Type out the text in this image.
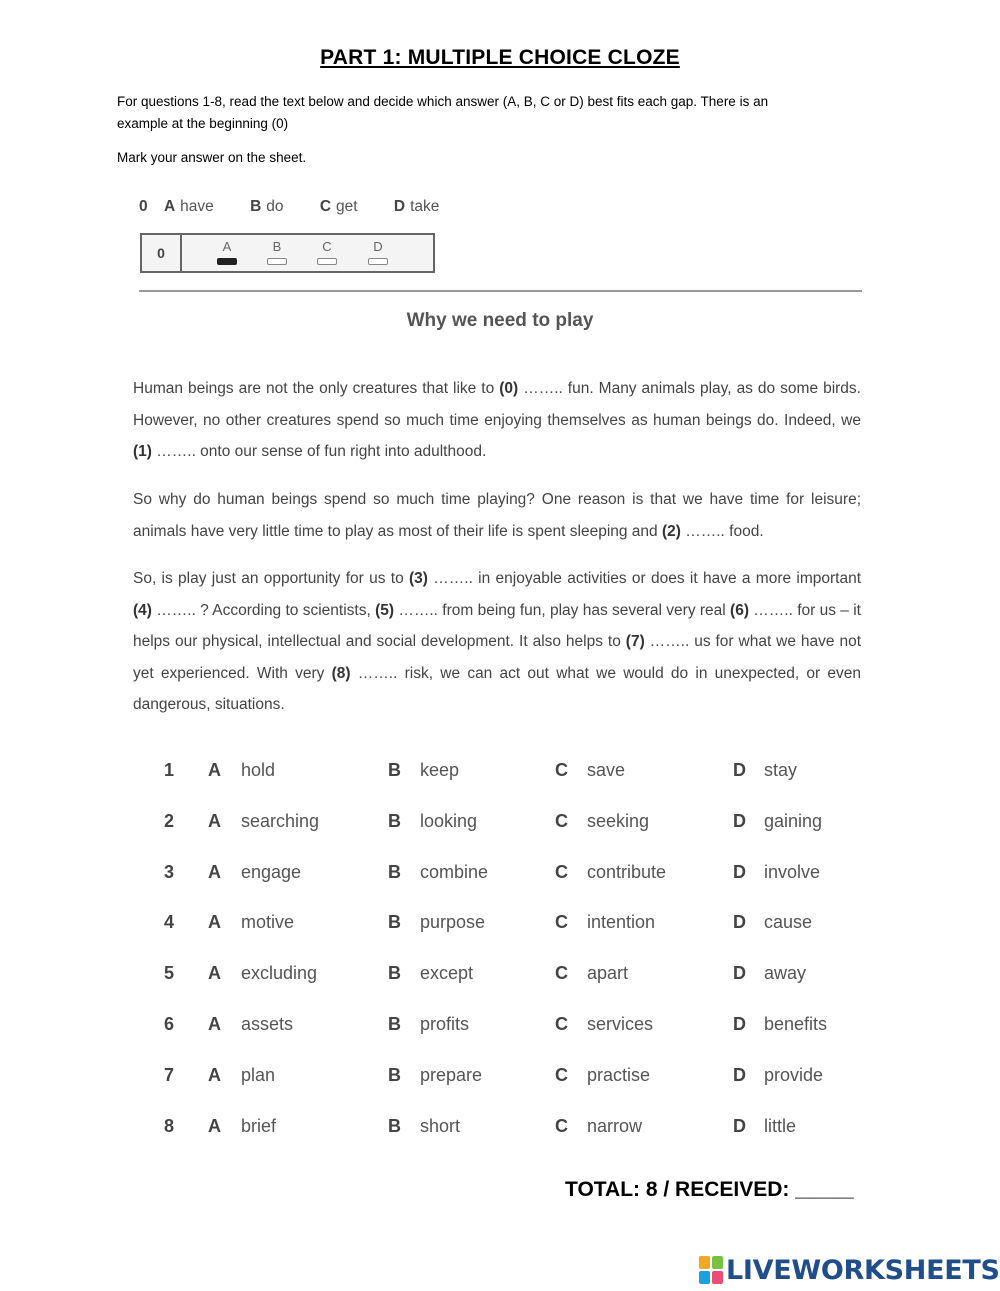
PART 1: MULTIPLE CHOICE CLOZE
For questions 1-8, read the text below and decide which answer (A, B, C or D) best fits each gap. There is an
example at the beginning (0)
Mark your answer on the sheet.
0 A have B do C get D take
0	A	B	C	D
Why we need to play
Human beings are not the only creatures that like to (0) …….. fun. Many animals play, as do some birds. However, no other creatures spend so much time enjoying themselves as human beings do. Indeed, we (1) …….. onto our sense of fun right into adulthood.
So why do human beings spend so much time playing? One reason is that we have time for leisure; animals have very little time to play as most of their life is spent sleeping and (2) …….. food.
So, is play just an opportunity for us to (3) …….. in enjoyable activities or does it have a more important (4) …….. ? According to scientists, (5) …….. from being fun, play has several very real (6) …….. for us – it helps our physical, intellectual and social development. It also helps to (7) …….. us for what we have not yet experienced. With very (8) …….. risk, we can act out what we would do in unexpected, or even dangerous, situations.
1 A hold	B keep	C save	D stay
2 A searching	B looking	C seeking	D gaining
3 A engage	B combine	C contribute	D involve
4 A motive	B purpose	C intention	D cause
5 A excluding	B except	C apart	D away
6 A assets	B profits	C services	D benefits
7 A plan	B prepare	C practise	D provide
8 A brief	B short	C narrow	D little
TOTAL: 8 / RECEIVED: _____
LIVEWORKSHEETS
